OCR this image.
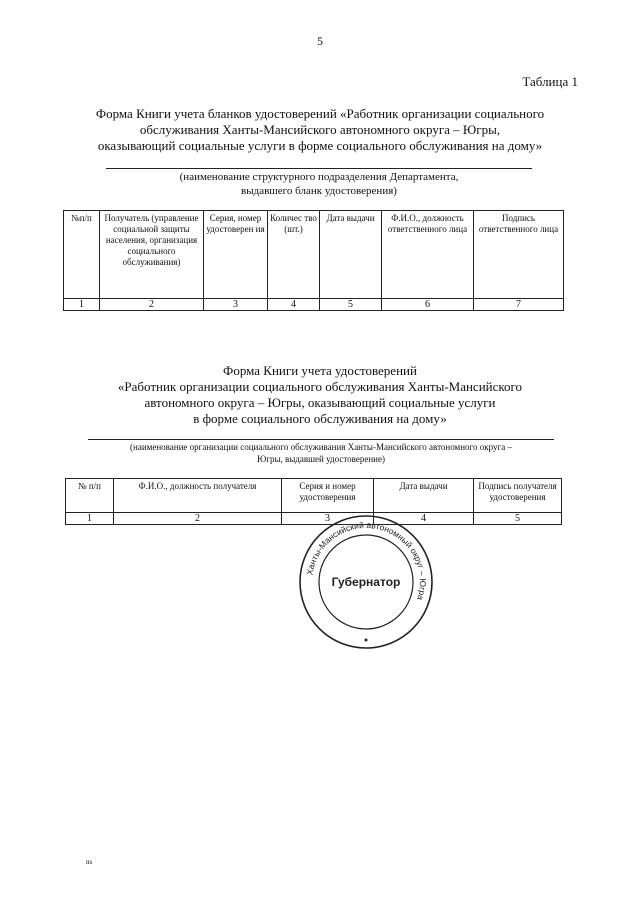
5
Таблица 1
Форма Книги учета бланков удостоверений «Работник организации социального
обслуживания Ханты-Мансийского автономного округа – Югры,
оказывающий социальные услуги в форме социального обслуживания на дому»
(наименование структурного подразделения Департамента,
выдавшего бланк удостоверения)
№п/п	Получатель (управление социальной защиты населения, организация социального обслуживания)	Серия, номер удостоверен ия	Количес тво (шт.)	Дата выдачи	Ф.И.О., должность ответственного лица	Подпись ответственного лица
1	2	3	4	5	6	7
Форма Книги учета удостоверений
«Работник организации социального обслуживания Ханты-Мансийского
автономного округа – Югры, оказывающий социальные услуги
в форме социального обслуживания на дому»
(наименование организации социального обслуживания Ханты-Мансийского автономного округа –
Югры, выдавшей удостоверение)
№ п/п	Ф.И.О., должность получателя	Серия и номер удостоверения	Дата выдачи	Подпись получателя удостоверения
1	2	3	4	5
Ханты-Мансийский автономный округ – Югра
Губернатор
ns
